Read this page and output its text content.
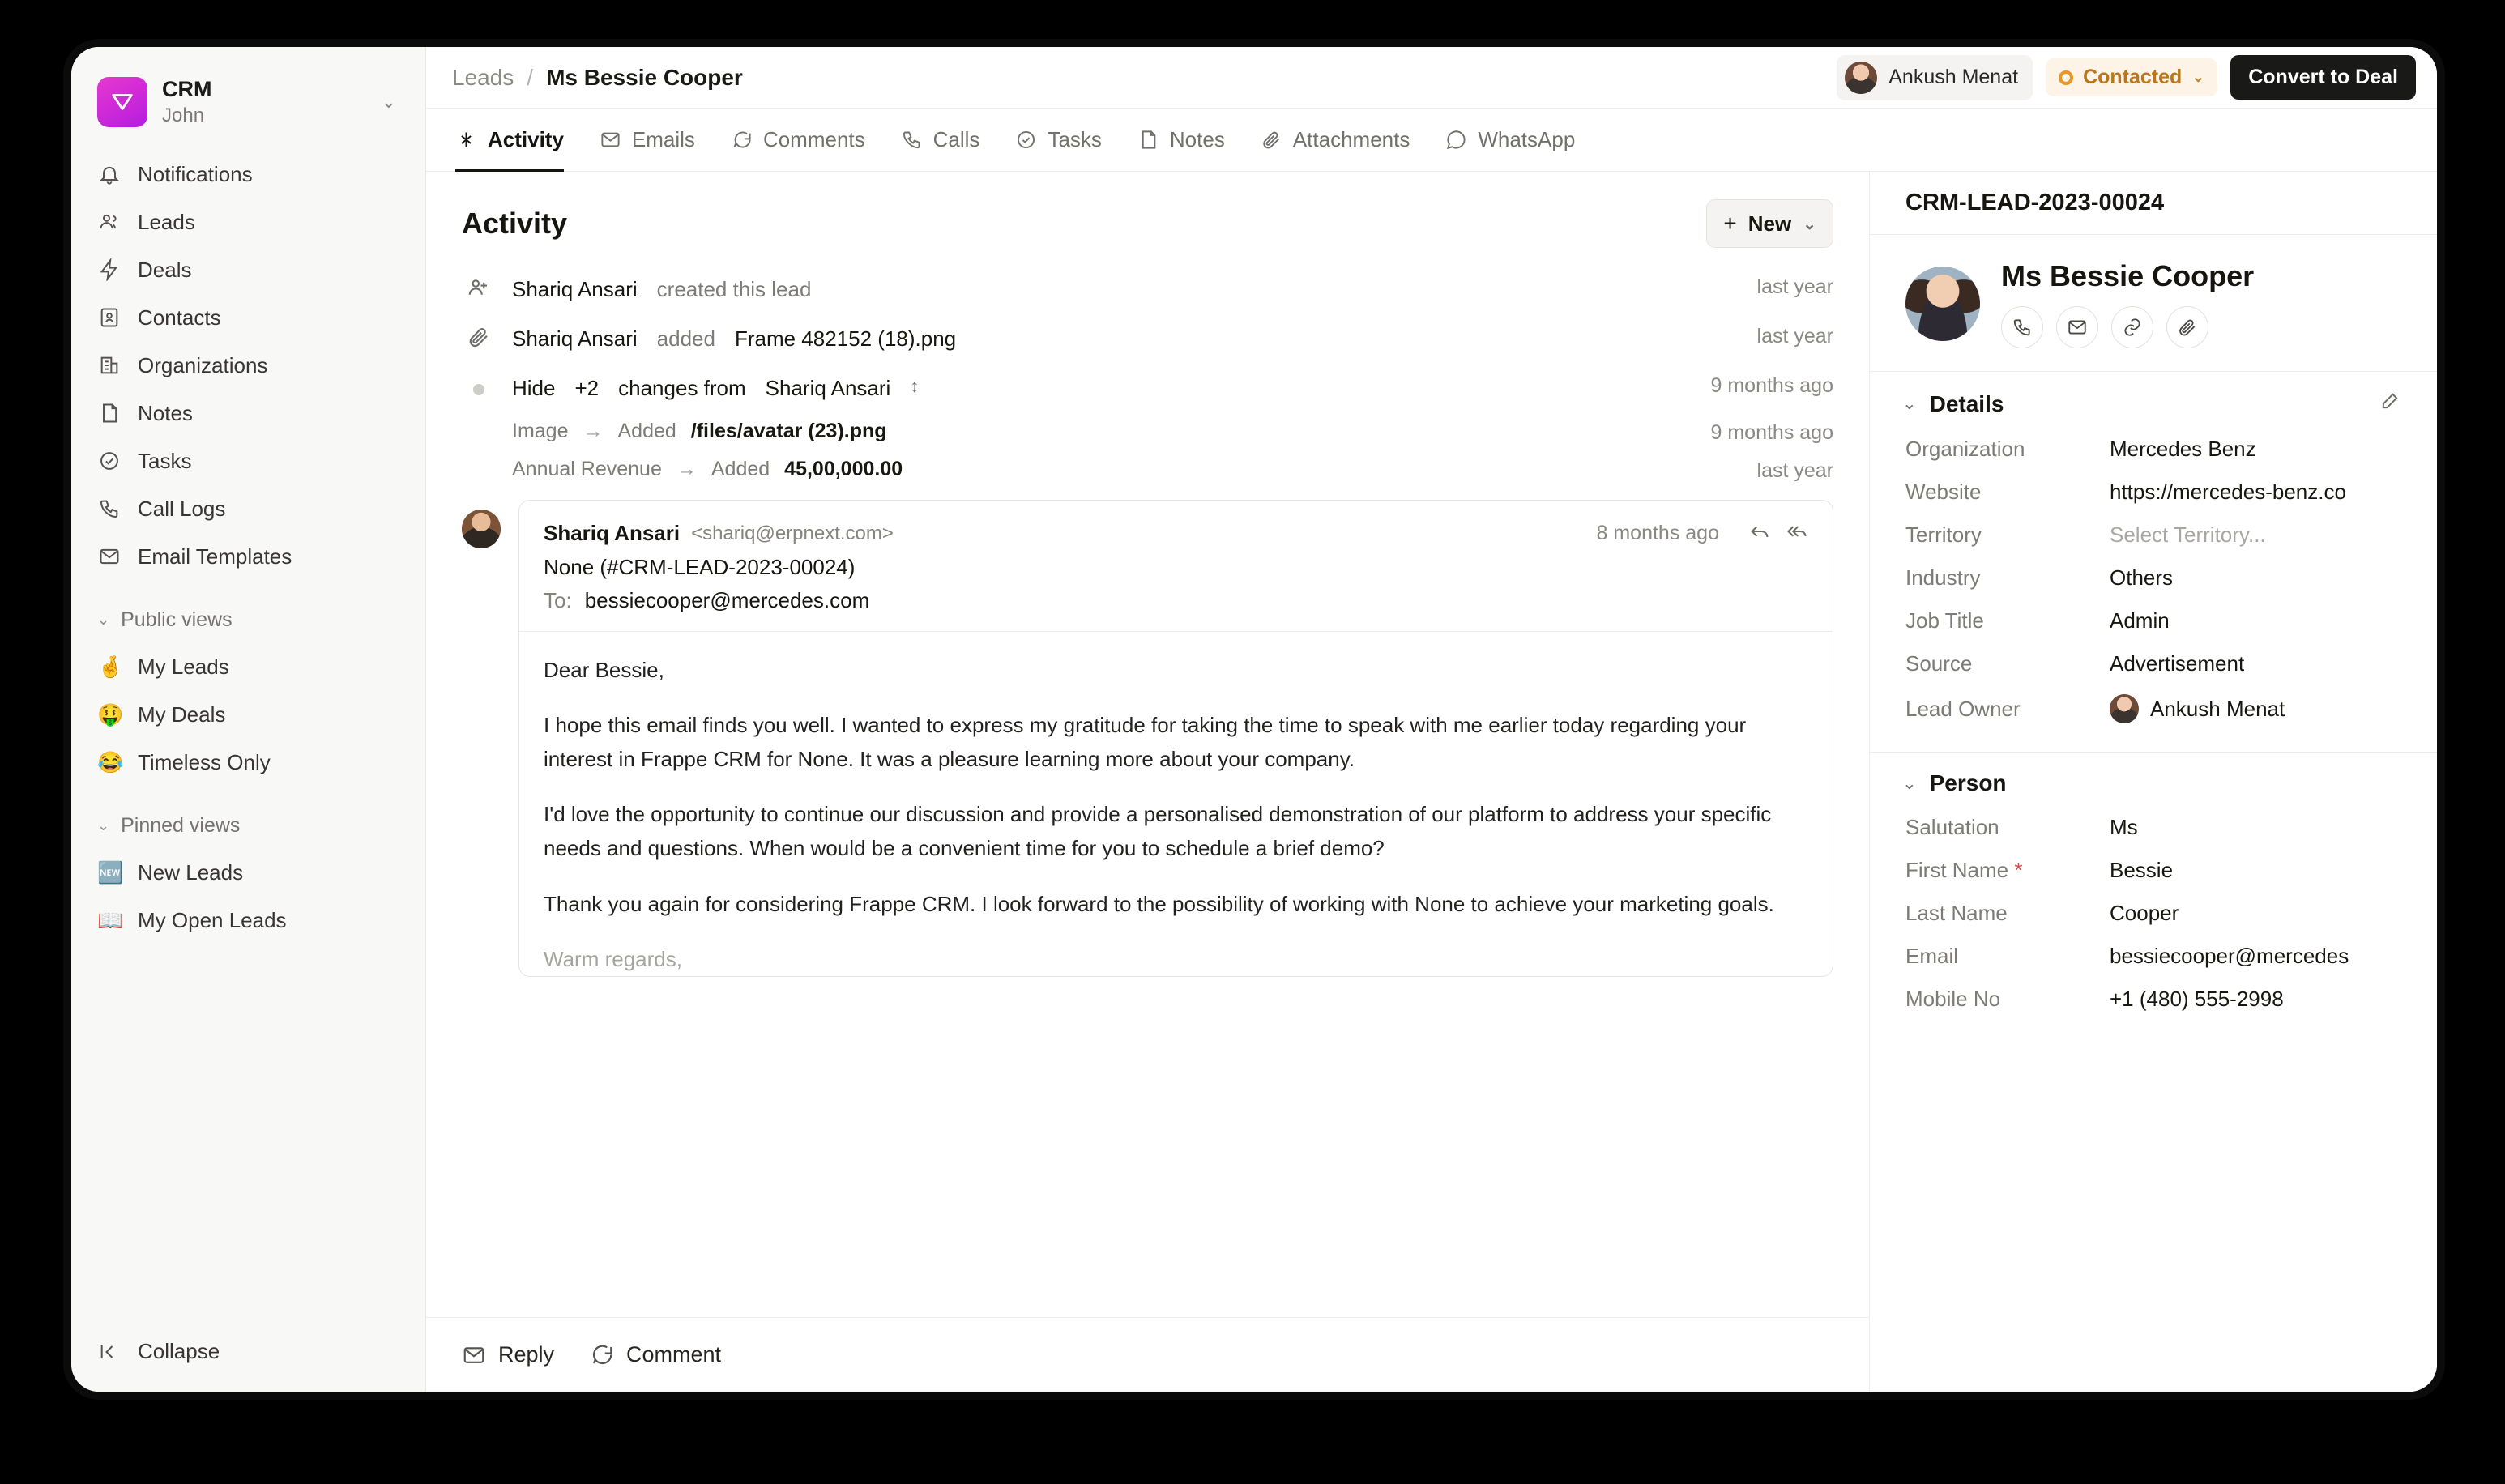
CRM
John
⌄
Notifications
Leads
Deals
Contacts
Organizations
Notes
Tasks
Call Logs
Email Templates
⌄ Public views
🤞 My Leads
🤑 My Deals
😂 Timeless Only
⌄ Pinned views
🆕 New Leads
📖 My Open Leads
Collapse
Leads / Ms Bessie Cooper	Ankush Menat	Contacted ⌄	Convert to Deal
Activity	Emails	Comments	Calls	Tasks	Notes	Attachments	WhatsApp
Activity	+ New ⌄
Shariq Ansari created this lead	last year
Shariq Ansari added Frame 482152 (18).png	last year
Hide +2 changes from Shariq Ansari ↕	9 months ago
Image → Added /files/avatar (23).png	9 months ago
Annual Revenue → Added 45,00,000.00	last year
Shariq Ansari <shariq@erpnext.com>	8 months ago
None (#CRM-LEAD-2023-00024)
To: bessiecooper@mercedes.com

Dear Bessie,

I hope this email finds you well. I wanted to express my gratitude for taking the time to speak with me earlier today regarding your interest in Frappe CRM for None. It was a pleasure learning more about your company.

I'd love the opportunity to continue our discussion and provide a personalised demonstration of our platform to address your specific needs and questions. When would be a convenient time for you to schedule a brief demo?

Thank you again for considering Frappe CRM. I look forward to the possibility of working with None to achieve your marketing goals.

Warm regards,

Reply	Comment
CRM-LEAD-2023-00024
Ms Bessie Cooper
⌄ Details
Organization	Mercedes Benz
Website	https://mercedes-benz.co
Territory	Select Territory...
Industry	Others
Job Title	Admin
Source	Advertisement
Lead Owner	Ankush Menat
⌄ Person
Salutation	Ms
First Name *	Bessie
Last Name	Cooper
Email	bessiecooper@mercedes
Mobile No	+1 (480) 555-2998
